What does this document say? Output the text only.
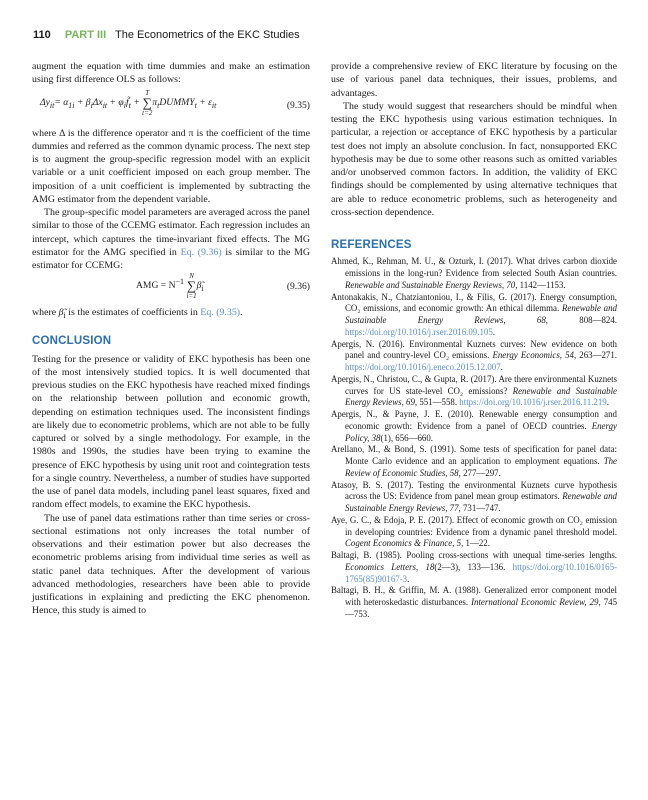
110 PART III The Econometrics of the EKC Studies

augment the equation with time dummies and make an estimation using first difference OLS as follows:

$\Delta y_{it}= \alpha_{1i} + \beta_i\Delta x_{it} + \varphi_if_t + T$
∑
$t=2\pi_tDUMMY_t + \varepsilon_{it}$	(9.35)

where Δ is the difference operator and π is the coefficient of the time dummies and referred as the common dynamic process. The next step is to augment the group-specific regression model with an explicit variable or a unit coefficient imposed on each group member. The imposition of a unit coefficient is implemented by subtracting the AMG estimator from the dependent variable.

The group-specific model parameters are averaged across the panel similar to those of the CCEMG estimator. Each regression includes an intercept, which captures the time-invariant fixed effects. The MG estimator for the AMG specified in Eq. (9.36) is similar to the MG estimator for CCEMG:

AMG = $N^{-1}$ N
∑
$i=1\betã_i$	(9.36)

where $\betã_i$ is the estimates of coefficients in Eq. (9.35).

CONCLUSION

Testing for the presence or validity of EKC hypothesis has been one of the most intensively studied topics. It is well documented that previous studies on the EKC hypothesis have reached mixed findings on the relationship between pollution and economic growth, depending on estimation techniques used. The inconsistent findings are likely due to econometric problems, which are not able to be fully captured or solved by a single methodology. For example, in the 1980s and 1990s, the studies have been trying to examine the presence of EKC hypothesis by using unit root and cointegration tests for a single country. Nevertheless, a number of studies have supported the use of panel data models, including panel least squares, fixed and random effect models, to examine the EKC hypothesis.

The use of panel data estimations rather than time series or cross-sectional estimations not only increases the total number of observations and their estimation power but also decreases the econometric problems arising from individual time series as well as static panel data techniques. After the development of various advanced methodologies, researchers have been able to provide justifications in explaining and predicting the EKC phenomenon. Hence, this study is aimed to

provide a comprehensive review of EKC literature by focusing on the use of various panel data techniques, their issues, problems, and advantages.

The study would suggest that researchers should be mindful when testing the EKC hypothesis using various estimation techniques. In particular, a rejection or acceptance of EKC hypothesis by a particular test does not imply an absolute conclusion. In fact, nonsupported EKC hypothesis may be due to some other reasons such as omitted variables and/or unobserved common factors. In addition, the validity of EKC findings should be complemented by using alternative techniques that are able to reduce econometric problems, such as heterogeneity and cross-section dependence.

REFERENCES

Ahmed, K., Rehman, M. U., & Ozturk, I. (2017). What drives carbon dioxide emissions in the long-run? Evidence from selected South Asian countries. Renewable and Sustainable Energy Reviews, 70, 1142—1153.

Antonakakis, N., Chatziantoniou, I., & Filis, G. (2017). Energy consumption, CO₂ emissions, and economic growth: An ethical dilemma. Renewable and Sustainable Energy Reviews, 68, 808—824. https://doi.org/10.1016/j.rser.2016.09.105.

Apergis, N. (2016). Environmental Kuznets curves: New evidence on both panel and country-level CO₂ emissions. Energy Economics, 54, 263—271. https://doi.org/10.1016/j.eneco.2015.12.007.

Apergis, N., Christou, C., & Gupta, R. (2017). Are there environmental Kuznets curves for US state-level CO₂ emissions? Renewable and Sustainable Energy Reviews, 69, 551—558. https://doi.org/10.1016/j.rser.2016.11.219.

Apergis, N., & Payne, J. E. (2010). Renewable energy consumption and economic growth: Evidence from a panel of OECD countries. Energy Policy, 38(1), 656—660.

Arellano, M., & Bond, S. (1991). Some tests of specification for panel data: Monte Carlo evidence and an application to employment equations. The Review of Economic Studies, 58, 277—297.

Atasoy, B. S. (2017). Testing the environmental Kuznets curve hypothesis across the US: Evidence from panel mean group estimators. Renewable and Sustainable Energy Reviews, 77, 731—747.

Aye, G. C., & Edoja, P. E. (2017). Effect of economic growth on CO₂ emission in developing countries: Evidence from a dynamic panel threshold model. Cogent Economics & Finance, 5, 1—22.

Baltagi, B. (1985). Pooling cross-sections with unequal time-series lengths. Economics Letters, 18(2—3), 133—136. https://doi.org/10.1016/0165-1765(85)90167-3.

Baltagi, B. H., & Griffin, M. A. (1988). Generalized error component model with heteroskedastic disturbances. International Economic Review, 29, 745—753.
